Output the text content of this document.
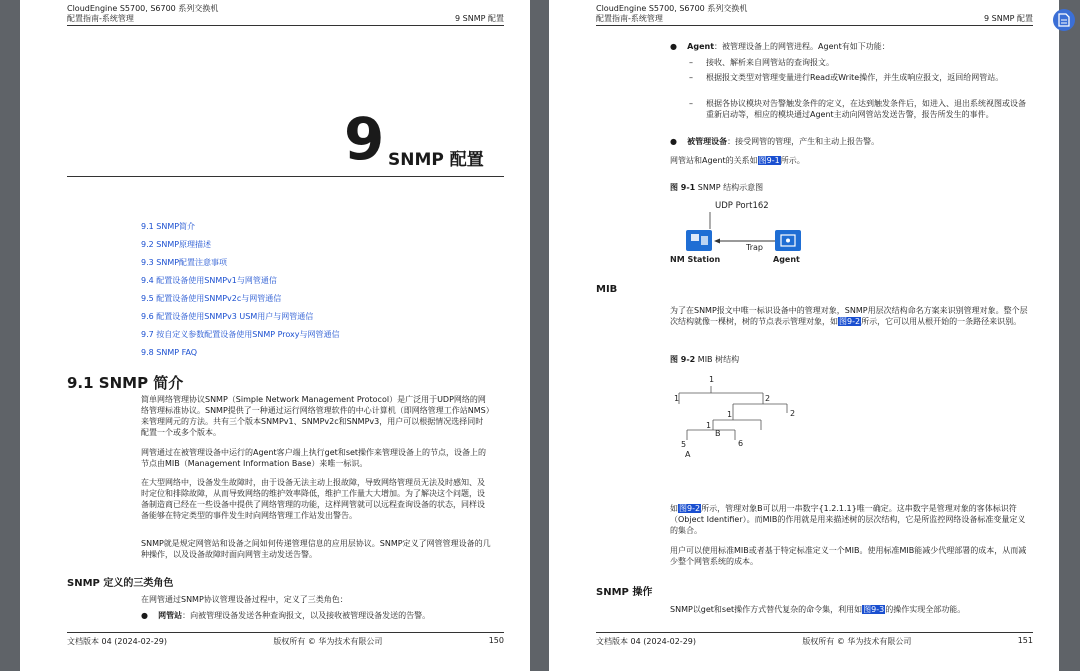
CloudEngine S5700, S6700 系列交换机
配置指南-系统管理	9 SNMP 配置
9 SNMP 配置
9.1 SNMP简介
9.2 SNMP原理描述
9.3 SNMP配置注意事项
9.4 配置设备使用SNMPv1与网管通信
9.5 配置设备使用SNMPv2c与网管通信
9.6 配置设备使用SNMPv3 USM用户与网管通信
9.7 按自定义参数配置设备使用SNMP Proxy与网管通信
9.8 SNMP FAQ
9.1 SNMP 简介
简单网络管理协议SNMP（Simple Network Management Protocol）是广泛用于UDP网络的网络管理标准协议。SNMP提供了一种通过运行网络管理软件的中心计算机（即网络管理工作站NMS）来管理网元的方法。共有三个版本SNMPv1、SNMPv2c和SNMPv3，用户可以根据情况选择同时配置一个或多个版本。
网管通过在被管理设备中运行的Agent客户端上执行get和set操作来管理设备上的节点，设备上的节点由MIB（Management Information Base）来唯一标识。
在大型网络中，设备发生故障时，由于设备无法主动上报故障，导致网络管理员无法及时感知、及时定位和排除故障，从而导致网络的维护效率降低，维护工作量大大增加。为了解决这个问题，设备制造商已经在一些设备中提供了网络管理的功能，这样网管就可以远程查询设备的状态，同样设备能够在特定类型的事件发生时向网络管理工作站发出警告。
SNMP就是规定网管站和设备之间如何传递管理信息的应用层协议。SNMP定义了网管管理设备的几种操作，以及设备故障时面向网管主动发送告警。
SNMP 定义的三类角色
在网管通过SNMP协议管理设备过程中，定义了三类角色：
●    网管站：向被管理设备发送各种查询报文，以及接收被管理设备发送的告警。
文档版本 04 (2024-02-29)	版权所有 © 华为技术有限公司	150
CloudEngine S5700, S6700 系列交换机
配置指南-系统管理	9 SNMP 配置
●    Agent：被管理设备上的网管进程。Agent有如下功能：
– 接收、解析来自网管站的查询报文。
– 根据报文类型对管理变量进行Read或Write操作，并生成响应报文，返回给网管站。
– 根据各协议模块对告警触发条件的定义，在达到触发条件后，如进入、退出系统视图或设备重新启动等，相应的模块通过Agent主动向网管站发送告警，报告所发生的事件。
●    被管理设备：接受网管的管理，产生和主动上报告警。
网管站和Agent的关系如图9-1所示。
图 9-1 SNMP 结构示意图
UDP Port162
Trap
NM Station	Agent
MIB
为了在SNMP报文中唯一标识设备中的管理对象，SNMP用层次结构命名方案来识别管理对象。整个层次结构就像一棵树，树的节点表示管理对象，如图9-2所示，它可以用从根开始的一条路径来识别。
图 9-2 MIB 树结构
1
1	2
1	2
1
B
5	6
A
如图9-2所示，管理对象B可以用一串数字{1.2.1.1}唯一确定。这串数字是管理对象的客体标识符（Object Identifier）。而MIB的作用就是用来描述树的层次结构，它是所监控网络设备标准变量定义的集合。
用户可以使用标准MIB或者基于特定标准定义一个MIB。使用标准MIB能减少代理部署的成本，从而减少整个网管系统的成本。
SNMP 操作
SNMP以get和set操作方式替代复杂的命令集，利用如图9-3的操作实现全部功能。
文档版本 04 (2024-02-29)	版权所有 © 华为技术有限公司	151
